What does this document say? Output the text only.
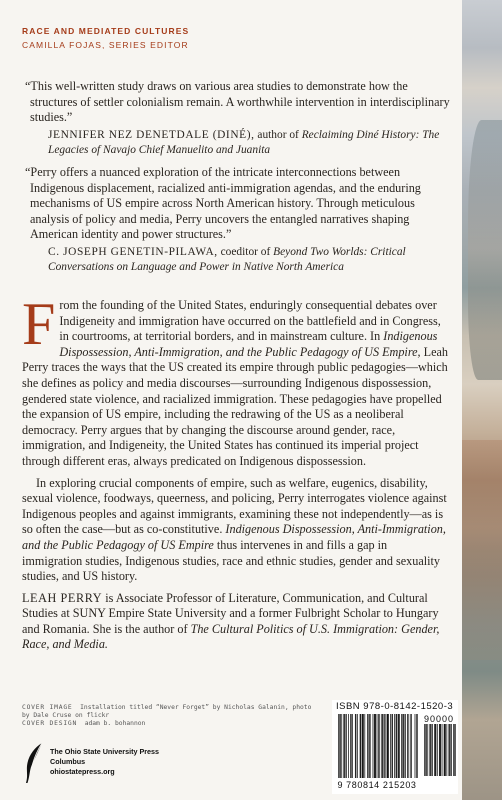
RACE AND MEDIATED CULTURES
CAMILLA FOJAS, SERIES EDITOR

“This well-written study draws on various area studies to demonstrate how the structures of settler colonialism remain. A worthwhile intervention in interdisciplinary studies.”

JENNIFER NEZ DENETDALE (DINÉ), author of Reclaiming Diné History: The Legacies of Navajo Chief Manuelito and Juanita

“Perry offers a nuanced exploration of the intricate interconnections between Indigenous displacement, racialized anti-immigration agendas, and the enduring mechanisms of US empire across North American history. Through meticulous analysis of policy and media, Perry uncovers the entangled narratives shaping American identity and power structures.”

C. JOSEPH GENETIN-PILAWA, coeditor of Beyond Two Worlds: Critical Conversations on Language and Power in Native North America

From the founding of the United States, enduringly consequential debates over Indigeneity and immigration have occurred on the battlefield and in Congress, in courtrooms, at territorial borders, and in mainstream culture. In Indigenous Dispossession, Anti-Immigration, and the Public Pedagogy of US Empire, Leah Perry traces the ways that the US created its empire through public pedagogies—which she defines as policy and media discourses—surrounding Indigenous dispossession, gendered state violence, and racialized immigration. These pedagogies have propelled the expansion of US empire, including the redrawing of the US as a neoliberal democracy. Perry argues that by changing the discourse around gender, race, immigration, and Indigeneity, the United States has continued its imperial project through different eras, always predicated on Indigenous dispossession.

In exploring crucial components of empire, such as welfare, eugenics, disability, sexual violence, foodways, queerness, and policing, Perry interrogates violence against Indigenous peoples and against immigrants, examining these not independently—as is so often the case—but as co-constitutive. Indigenous Dispossession, Anti-Immigration, and the Public Pedagogy of US Empire thus intervenes in and fills a gap in immigration studies, Indigenous studies, race and ethnic studies, gender and sexuality studies, and US history.

LEAH PERRY is Associate Professor of Literature, Communication, and Cultural Studies at SUNY Empire State University and a former Fulbright Scholar to Hungary and Romania. She is the author of The Cultural Politics of U.S. Immigration: Gender, Race, and Media.

COVER IMAGE Installation titled “Never Forget” by Nicholas Galanin, photo by Dale Cruse on flickr
COVER DESIGN adam b. bohannon
The Ohio State University Press
Columbus
ohiostatepress.org
ISBN 978-0-8142-1520-3
90000
9 780814 215203
